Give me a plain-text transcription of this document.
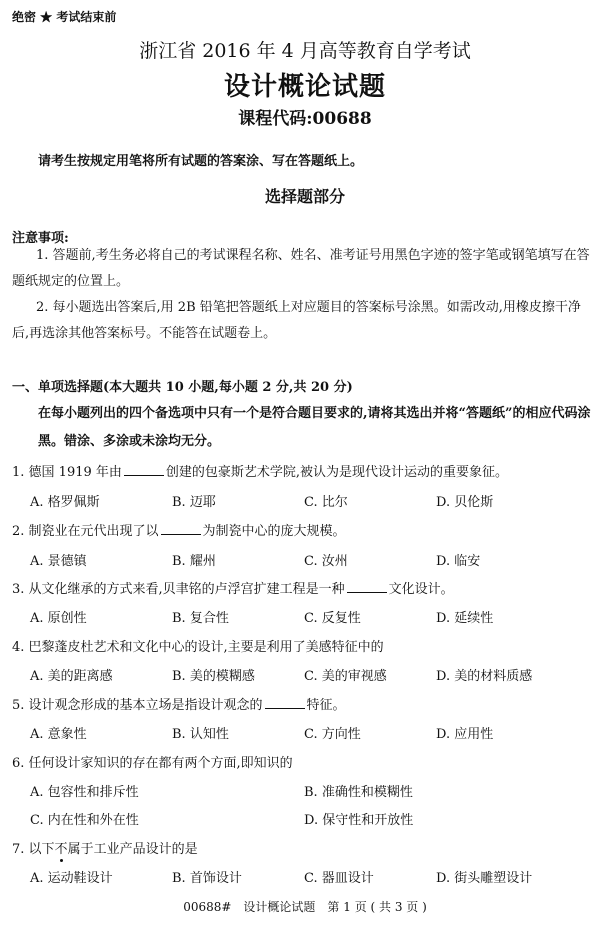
绝密 ★ 考试结束前
浙江省 2016 年 4 月高等教育自学考试
设计概论试题
课程代码:00688
请考生按规定用笔将所有试题的答案涂、写在答题纸上。
选择题部分
注意事项:
1. 答题前,考生务必将自己的考试课程名称、姓名、准考证号用黑色字迹的签字笔或钢笔填写在答题纸规定的位置上。
2. 每小题选出答案后,用 2B 铅笔把答题纸上对应题目的答案标号涂黑。如需改动,用橡皮擦干净后,再选涂其他答案标号。不能答在试题卷上。
一、单项选择题(本大题共 10 小题,每小题 2 分,共 20 分)
在每小题列出的四个备选项中只有一个是符合题目要求的,请将其选出并将“答题纸”的相应代码涂黑。错涂、多涂或未涂均无分。
1. 德国 1919 年由	创建的包豪斯艺术学院,被认为是现代设计运动的重要象征。
A. 格罗佩斯	B. 迈耶	C. 比尔	D. 贝伦斯
2. 制瓷业在元代出现了以	为制瓷中心的庞大规模。
A. 景德镇	B. 耀州	C. 汝州	D. 临安
3. 从文化继承的方式来看,贝聿铭的卢浮宫扩建工程是一种	文化设计。
A. 原创性	B. 复合性	C. 反复性	D. 延续性
4. 巴黎蓬皮杜艺术和文化中心的设计,主要是利用了美感特征中的
A. 美的距离感	B. 美的模糊感	C. 美的审视感	D. 美的材料质感
5. 设计观念形成的基本立场是指设计观念的	特征。
A. 意象性	B. 认知性	C. 方向性	D. 应用性
6. 任何设计家知识的存在都有两个方面,即知识的
A. 包容性和排斥性	B. 准确性和模糊性
C. 内在性和外在性	D. 保守性和开放性
7. 以下不属于工业产品设计的是
A. 运动鞋设计	B. 首饰设计	C. 器皿设计	D. 街头雕塑设计
00688#　设计概论试题　第 1 页 ( 共 3 页 )
